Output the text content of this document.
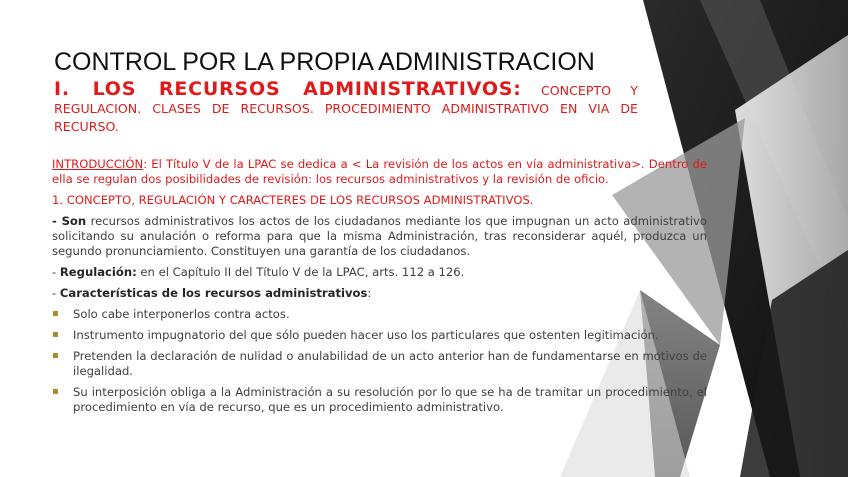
CONTROL POR LA PROPIA ADMINISTRACION
I. LOS RECURSOS ADMINISTRATIVOS: CONCEPTO Y REGULACION. CLASES DE RECURSOS. PROCEDIMIENTO ADMINISTRATIVO EN VIA DE RECURSO.

INTRODUCCIÓN: El Título V de la LPAC se dedica a < La revisión de los actos en vía administrativa>. Dentro de ella se regulan dos posibilidades de revisión: los recursos administrativos y la revisión de oficio.

1. CONCEPTO, REGULACIÓN Y CARACTERES DE LOS RECURSOS ADMINISTRATIVOS.

- Son recursos administrativos los actos de los ciudadanos mediante los que impugnan un acto administrativo solicitando su anulación o reforma para que la misma Administración, tras reconsiderar aquél, produzca un segundo pronunciamiento. Constituyen una garantía de los ciudadanos.

- Regulación: en el Capítulo II del Título V de la LPAC, arts. 112 a 126.

- Características de los recursos administrativos:

▪ Solo cabe interponerlos contra actos.
▪ Instrumento impugnatorio del que sólo pueden hacer uso los particulares que ostenten legitimación.
▪ Pretenden la declaración de nulidad o anulabilidad de un acto anterior han de fundamentarse en motivos de ilegalidad.
▪ Su interposición obliga a la Administración a su resolución por lo que se ha de tramitar un procedimiento, el procedimiento en vía de recurso, que es un procedimiento administrativo.
